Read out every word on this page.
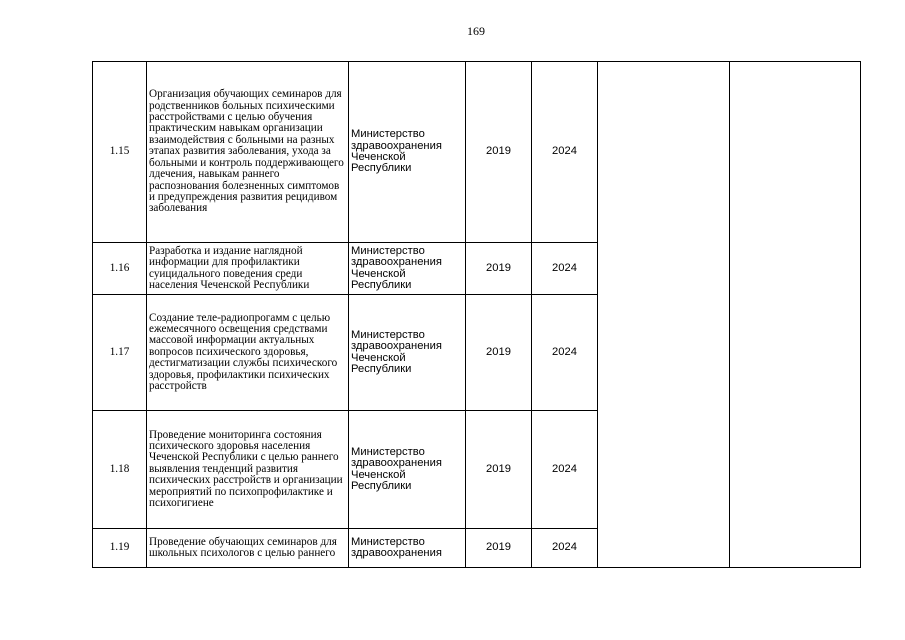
169
1.15	Организация обучающих семинаров для родственников больных психическими расстройствами с целью обучения практическим навыкам организации взаимодействия с больными на разных этапах развития заболевания, ухода за больными и контроль поддерживающего лдечения, навыкам раннего распознования болезненных симптомов и предупреждения развития рецидивом заболевания	Министерство здравоохранения Чеченской Республики	2019	2024		
1.16	Разработка и издание наглядной информации для профилактики суицидального поведения среди населения Чеченской Республики	Министерство здравоохранения Чеченской Республики	2019	2024		
1.17	Создание теле-радиопрогамм с целью ежемесячного освещения средствами массовой информации актуальных вопросов психического здоровья, дестигматизации службы психического здоровья, профилактики психических расстройств	Министерство здравоохранения Чеченской Республики	2019	2024		
1.18	Проведение мониторинга состояния психического здоровья населения Чеченской Республики с целью раннего выявления тенденций развития психических расстройств и организации мероприятий по психопрофилактике и психогигиене	Министерство здравоохранения Чеченской Республики	2019	2024		
1.19	Проведение обучающих семинаров для школьных психологов с целью раннего	Министерство здравоохранения	2019	2024		
